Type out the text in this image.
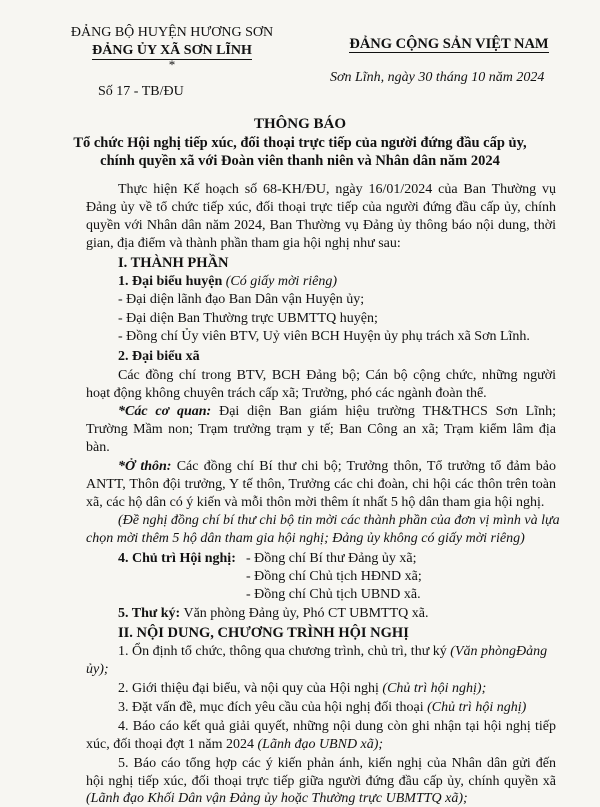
ĐẢNG BỘ HUYỆN HƯƠNG SƠN
ĐẢNG ỦY XÃ SƠN LĨNH
*
Số 17 - TB/ĐU
ĐẢNG CỘNG SẢN VIỆT NAM
Sơn Lĩnh, ngày 30 tháng 10 năm 2024
THÔNG BÁO
Tổ chức Hội nghị tiếp xúc, đối thoại trực tiếp của người đứng đầu cấp ủy,
chính quyền xã với Đoàn viên thanh niên và Nhân dân năm 2024
Thực hiện Kế hoạch số 68-KH/ĐU, ngày 16/01/2024 của Ban Thường vụ
Đảng ủy về tổ chức tiếp xúc, đối thoại trực tiếp của người đứng đầu cấp ủy, chính
quyền với Nhân dân năm 2024, Ban Thường vụ Đảng ủy thông báo nội dung, thời
gian, địa điểm và thành phần tham gia hội nghị như sau:
I. THÀNH PHẦN
1. Đại biểu huyện (Có giấy mời riêng)
- Đại diện lãnh đạo Ban Dân vận Huyện ủy;
- Đại diện Ban Thường trực UBMTTQ huyện;
- Đồng chí Ủy viên BTV, Uỷ viên BCH Huyện ủy phụ trách xã Sơn Lĩnh.
2. Đại biểu xã
Các đồng chí trong BTV, BCH Đảng bộ; Cán bộ cộng chức, những người
hoạt động không chuyên trách cấp xã; Trưởng, phó các ngành đoàn thể.
*Các cơ quan: Đại diện Ban giám hiệu trường TH&THCS Sơn Lĩnh;
Trường Mầm non; Trạm trưởng trạm y tế; Ban Công an xã; Trạm kiểm lâm địa
bàn.
*Ở thôn: Các đồng chí Bí thư chi bộ; Trưởng thôn, Tổ trưởng tổ đảm bảo
ANTT, Thôn đội trưởng, Y tế thôn, Trưởng các chi đoàn, chi hội các thôn trên toàn
xã, các hộ dân có ý kiến và mỗi thôn mời thêm ít nhất 5 hộ dân tham gia hội nghị.
(Đề nghị đồng chí bí thư chi bộ tin mời các thành phần của đơn vị mình và lựa
chọn mời thêm 5 hộ dân tham gia hội nghị; Đảng ủy không có giấy mời riêng)
4. Chủ trì Hội nghị: - Đồng chí Bí thư Đảng ủy xã;
- Đồng chí Chủ tịch HĐND xã;
- Đồng chí Chủ tịch UBND xã.
5. Thư ký: Văn phòng Đảng ủy, Phó CT UBMTTQ xã.
II. NỘI DUNG, CHƯƠNG TRÌNH HỘI NGHỊ
1. Ổn định tổ chức, thông qua chương trình, chủ trì, thư ký (Văn phòngĐảng
ủy);
2. Giới thiệu đại biểu, và nội quy của Hội nghị (Chủ trì hội nghị);
3. Đặt vấn đề, mục đích yêu cầu của hội nghị đối thoại (Chủ trì hội nghị)
4. Báo cáo kết quả giải quyết, những nội dung còn ghi nhận tại hội nghị tiếp
xúc, đối thoại đợt 1 năm 2024 (Lãnh đạo UBND xã);
5. Báo cáo tổng hợp các ý kiến phản ánh, kiến nghị của Nhân dân gửi đến
hội nghị tiếp xúc, đối thoại trực tiếp giữa người đứng đầu cấp ủy, chính quyền xã
(Lãnh đạo Khối Dân vận Đảng ủy hoặc Thường trực UBMTTQ xã);
